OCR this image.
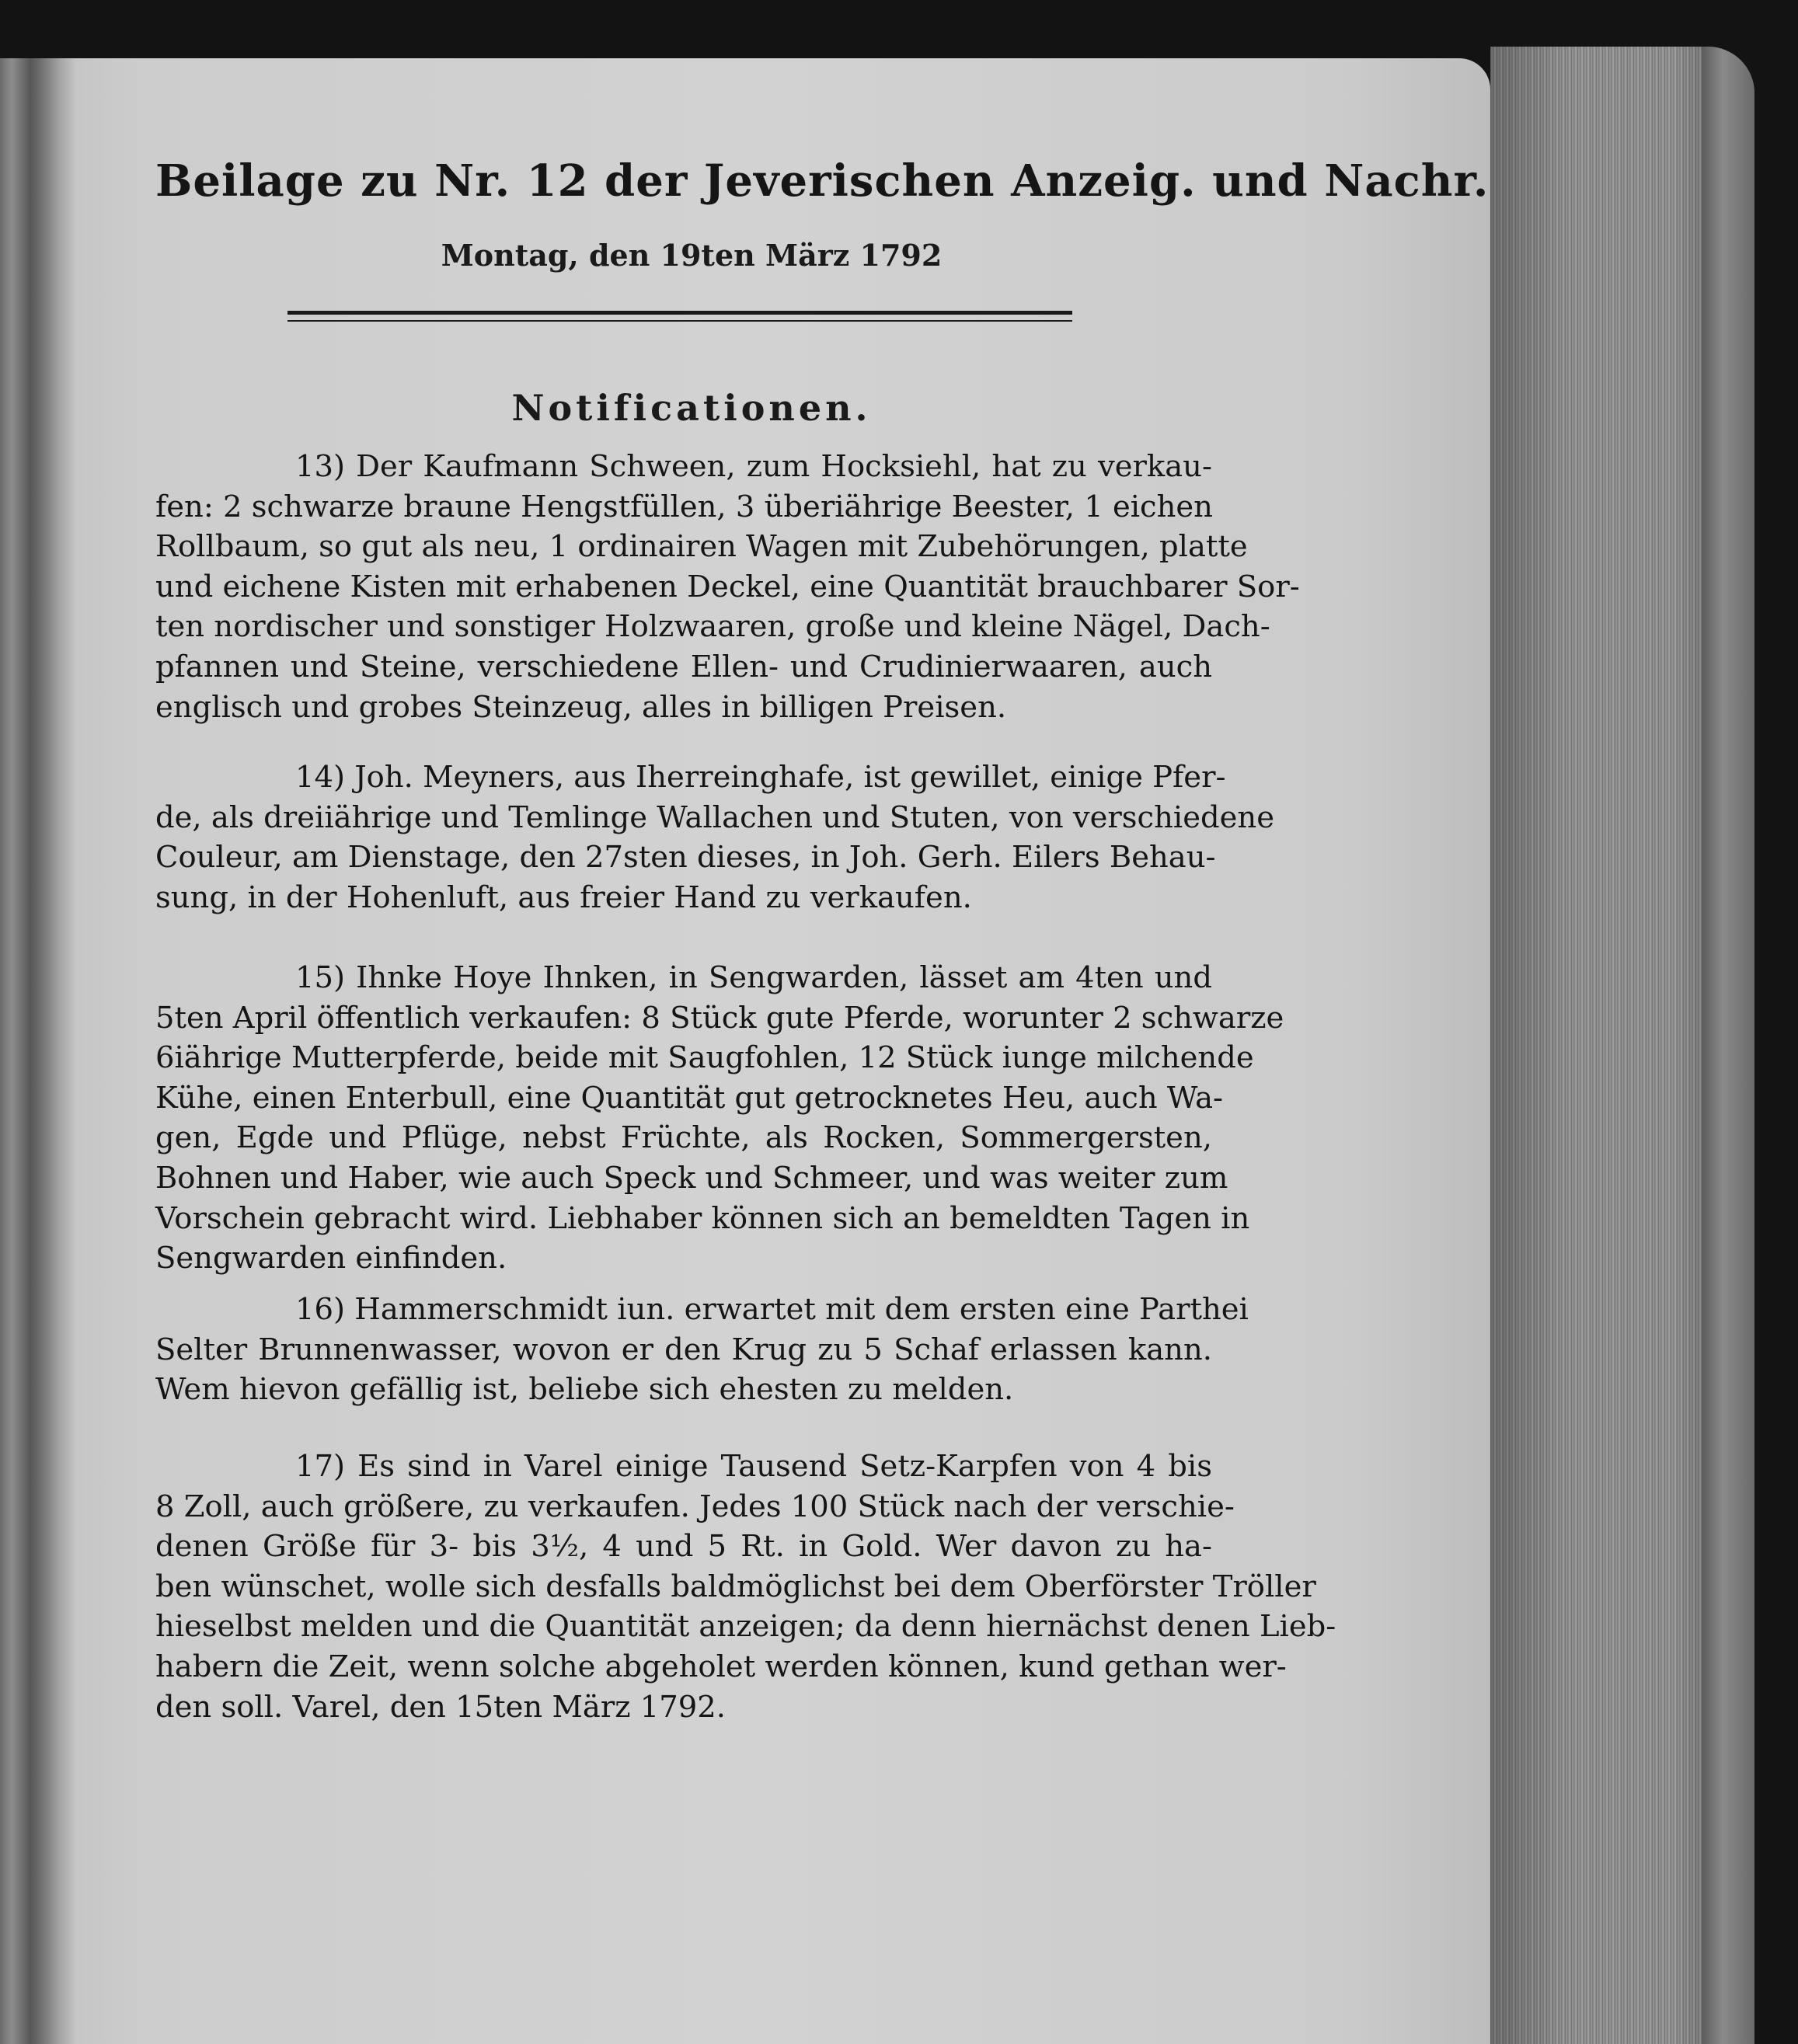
Beilage zu Nr. 12 der Jeverischen Anzeig. und Nachr.
Montag, den 19ten März 1792
Notificationen.
13) Der Kaufmann Schween, zum Hocksiehl, hat zu verkau-
fen: 2 schwarze braune Hengstfüllen, 3 überiährige Beester, 1 eichen
Rollbaum, so gut als neu, 1 ordinairen Wagen mit Zubehörungen, platte
und eichene Kisten mit erhabenen Deckel, eine Quantität brauchbarer Sor-
ten nordischer und sonstiger Holzwaaren, große und kleine Nägel, Dach-
pfannen und Steine, verschiedene Ellen- und Crudinierwaaren, auch
englisch und grobes Steinzeug, alles in billigen Preisen.
14) Joh. Meyners, aus Iherreinghafe, ist gewillet, einige Pfer-
de, als dreiiährige und Temlinge Wallachen und Stuten, von verschiedene
Couleur, am Dienstage, den 27sten dieses, in Joh. Gerh. Eilers Behau-
sung, in der Hohenluft, aus freier Hand zu verkaufen.
15) Ihnke Hoye Ihnken, in Sengwarden, lässet am 4ten und
5ten April öffentlich verkaufen: 8 Stück gute Pferde, worunter 2 schwarze
6iährige Mutterpferde, beide mit Saugfohlen, 12 Stück iunge milchende
Kühe, einen Enterbull, eine Quantität gut getrocknetes Heu, auch Wa-
gen, Egde und Pflüge, nebst Früchte, als Rocken, Sommergersten,
Bohnen und Haber, wie auch Speck und Schmeer, und was weiter zum
Vorschein gebracht wird. Liebhaber können sich an bemeldten Tagen in
Sengwarden einfinden.
16) Hammerschmidt iun. erwartet mit dem ersten eine Parthei
Selter Brunnenwasser, wovon er den Krug zu 5 Schaf erlassen kann.
Wem hievon gefällig ist, beliebe sich ehesten zu melden.
17) Es sind in Varel einige Tausend Setz-Karpfen von 4 bis
8 Zoll, auch größere, zu verkaufen. Jedes 100 Stück nach der verschie-
denen Größe für 3- bis 3½, 4 und 5 Rt. in Gold. Wer davon zu ha-
ben wünschet, wolle sich desfalls baldmöglichst bei dem Oberförster Tröller
hieselbst melden und die Quantität anzeigen; da denn hiernächst denen Lieb-
habern die Zeit, wenn solche abgeholet werden können, kund gethan wer-
den soll. Varel, den 15ten März 1792.
